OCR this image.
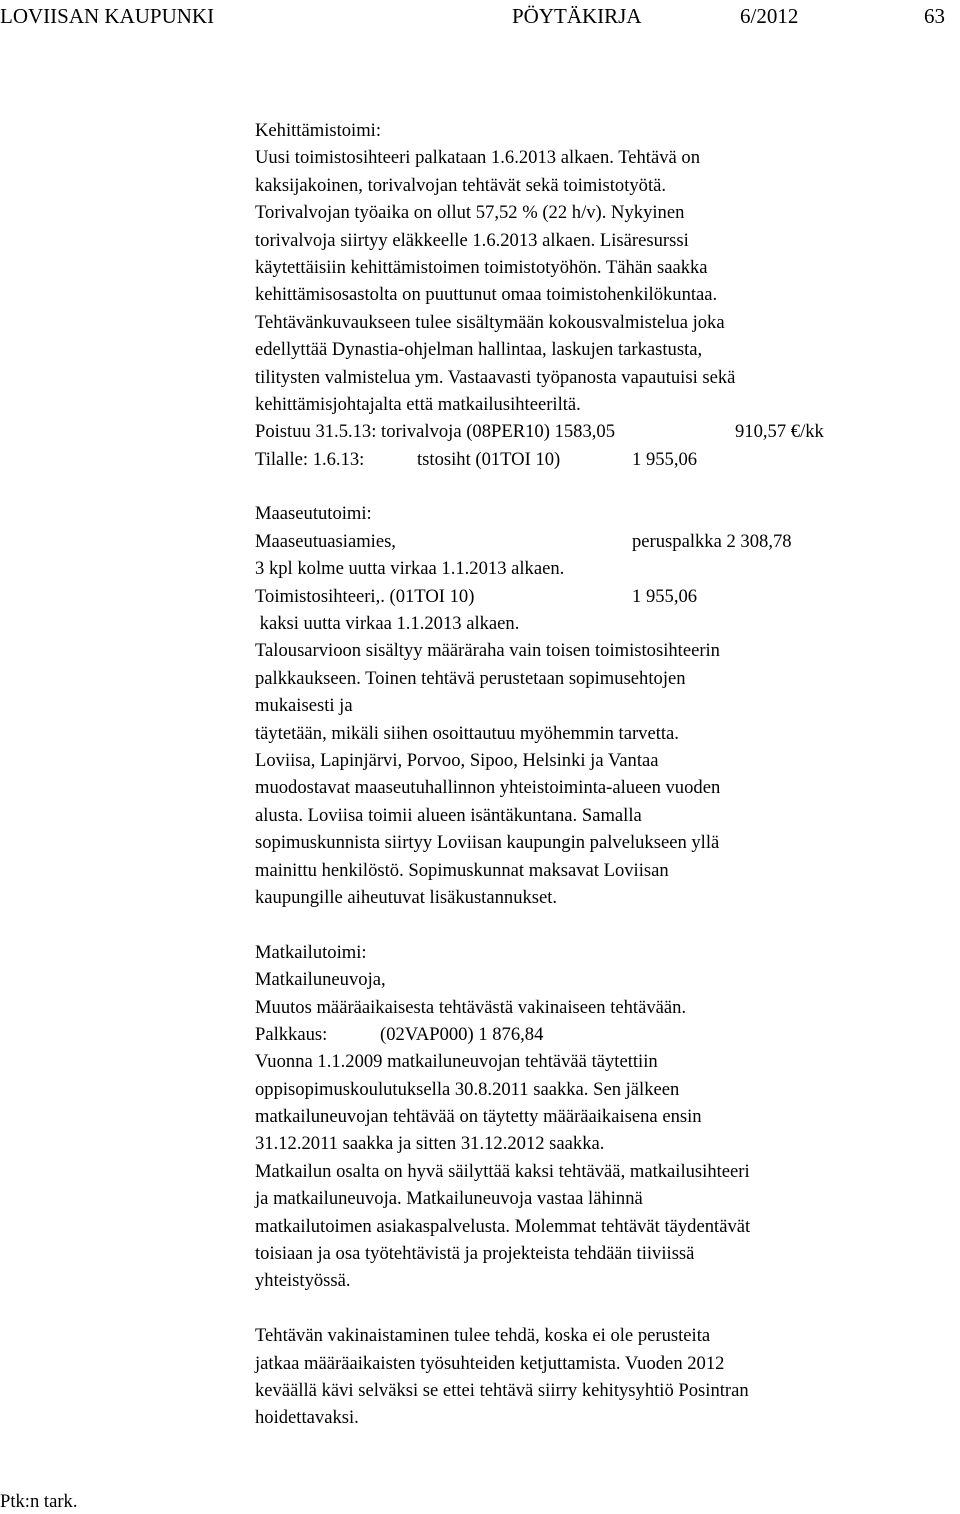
LOVIISAN KAUPUNKI	PÖYTÄKIRJA	6/2012	63
Kehittämistoimi:
Uusi toimistosihteeri palkataan 1.6.2013 alkaen. Tehtävä on
kaksijakoinen, torivalvojan tehtävät sekä toimistotyötä.
Torivalvojan työaika on ollut 57,52 % (22 h/v). Nykyinen
torivalvoja siirtyy eläkkeelle 1.6.2013 alkaen. Lisäresurssi
käytettäisiin kehittämistoimen toimistotyöhön. Tähän saakka
kehittämisosastolta on puuttunut omaa toimistohenkilökuntaa.
Tehtävänkuvaukseen tulee sisältymään kokousvalmistelua joka
edellyttää Dynastia-ohjelman hallintaa, laskujen tarkastusta,
tilitysten valmistelua ym. Vastaavasti työpanosta vapautuisi sekä
kehittämisjohtajalta että matkailusihteeriltä.
Poistuu 31.5.13: torivalvoja (08PER10) 1583,05	910,57 €/kk
Tilalle: 1.6.13:	tstosiht (01TOI 10)	1 955,06
Maaseututoimi:
Maaseutuasiamies,	peruspalkka 2 308,78
3 kpl kolme uutta virkaa 1.1.2013 alkaen.
Toimistosihteeri,. (01TOI 10)	1 955,06
kaksi uutta virkaa 1.1.2013 alkaen.
Talousarvioon sisältyy määräraha vain toisen toimistosihteerin
palkkaukseen. Toinen tehtävä perustetaan sopimusehtojen
mukaisesti ja
täytetään, mikäli siihen osoittautuu myöhemmin tarvetta.
Loviisa, Lapinjärvi, Porvoo, Sipoo, Helsinki ja Vantaa
muodostavat maaseutuhallinnon yhteistoiminta-alueen vuoden
alusta. Loviisa toimii alueen isäntäkuntana. Samalla
sopimuskunnista siirtyy Loviisan kaupungin palvelukseen yllä
mainittu henkilöstö. Sopimuskunnat maksavat Loviisan
kaupungille aiheutuvat lisäkustannukset.
Matkailutoimi:
Matkailuneuvoja,
Muutos määräaikaisesta tehtävästä vakinaiseen tehtävään.
Palkkaus:	(02VAP000) 1 876,84
Vuonna 1.1.2009 matkailuneuvojan tehtävää täytettiin
oppisopimuskoulutuksella 30.8.2011 saakka. Sen jälkeen
matkailuneuvojan tehtävää on täytetty määräaikaisena ensin
31.12.2011 saakka ja sitten 31.12.2012 saakka.
Matkailun osalta on hyvä säilyttää kaksi tehtävää, matkailusihteeri
ja matkailuneuvoja. Matkailuneuvoja vastaa lähinnä
matkailutoimen asiakaspalvelusta. Molemmat tehtävät täydentävät
toisiaan ja osa työtehtävistä ja projekteista tehdään tiiviissä
yhteistyössä.
Tehtävän vakinaistaminen tulee tehdä, koska ei ole perusteita
jatkaa määräaikaisten työsuhteiden ketjuttamista. Vuoden 2012
keväällä kävi selväksi se ettei tehtävä siirry kehitysyhtiö Posintran
hoidettavaksi.
Ptk:n tark.
